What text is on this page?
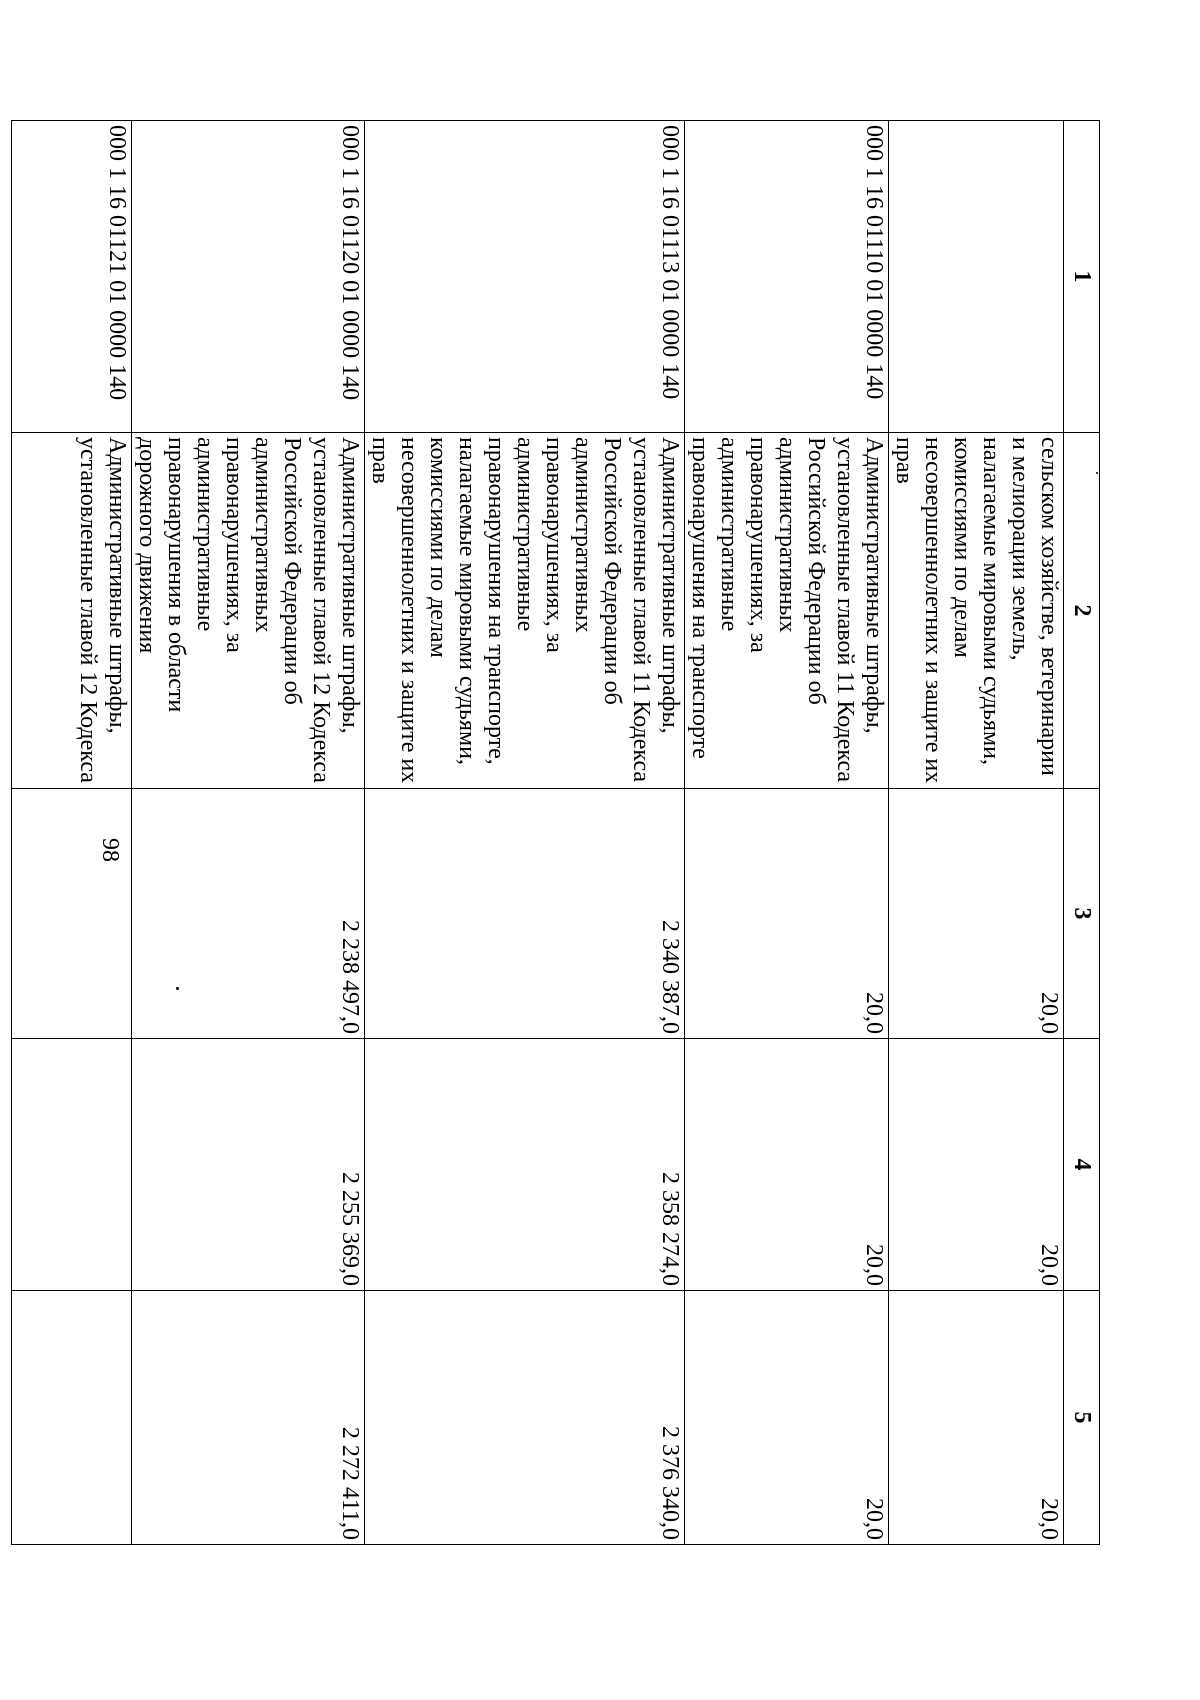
98
1	2	3	4	5
	сельском хозяйстве, ветеринарии и мелиорации земель, налагаемые мировыми судьями, комиссиями по делам несовершеннолетних и защите их прав	20,0	20,0	20,0
000 1 16 01110 01 0000 140	Административные штрафы, установленные главой 11 Кодекса Российской Федерации об административных правонарушениях, за административные правонарушения на транспорте	20,0	20,0	20,0
000 1 16 01113 01 0000 140	Административные штрафы, установленные главой 11 Кодекса Российской Федерации об административных правонарушениях, за административные правонарушения на транспорте, налагаемые мировыми судьями, комиссиями по делам несовершеннолетних и защите их прав	2 340 387,0	2 358 274,0	2 376 340,0
000 1 16 01120 01 0000 140	Административные штрафы, установленные главой 12 Кодекса Российской Федерации об административных правонарушениях, за административные правонарушения в области дорожного движения	2 238 497,0	2 255 369,0	2 272 411,0
000 1 16 01121 01 0000 140	Административные штрафы, установленные главой 12 Кодекса			
